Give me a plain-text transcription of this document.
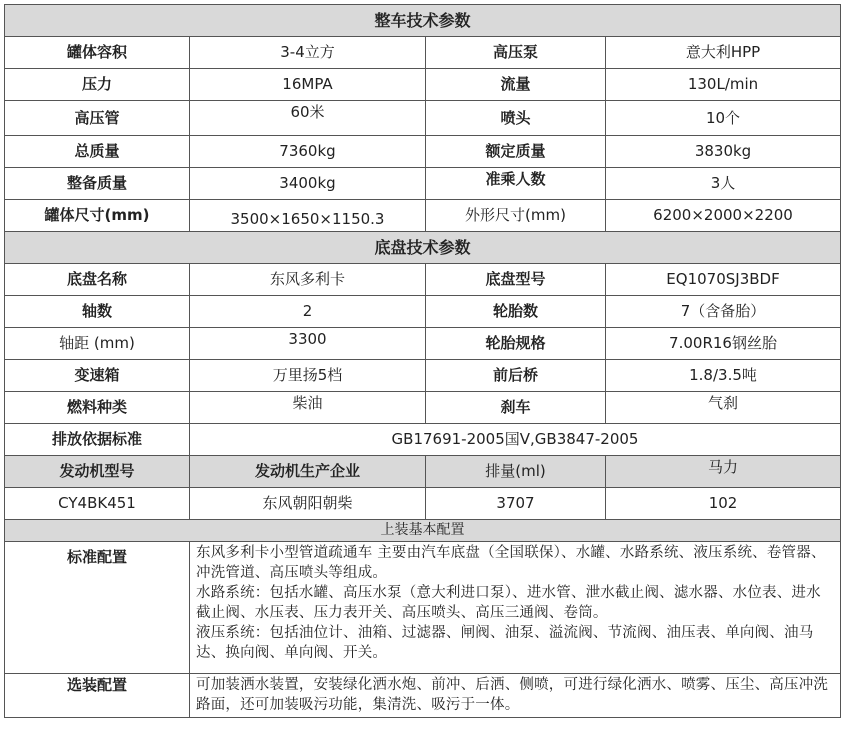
整车技术参数			
罐体容积	3-4立方	高压泵	意大利HPP
压力	16MPA	流量	130L/min
高压管	60米	喷头	10个
总质量	7360kg	额定质量	3830kg
整备质量	3400kg	准乘人数	3人
罐体尺寸(mm)	3500×1650×1150.3	外形尺寸(mm)	6200×2000×2200
底盘技术参数			
底盘名称	东风多利卡	底盘型号	EQ1070SJ3BDF
轴数	2	轮胎数	7（含备胎）
轴距 (mm)	3300	轮胎规格	7.00R16钢丝胎
变速箱	万里扬5档	前后桥	1.8/3.5吨
燃料种类	柴油	刹车	气刹
排放依据标准	GB17691-2005国Ⅴ,GB3847-2005		
发动机型号	发动机生产企业	排量(ml)	马力
CY4BK451	东风朝阳朝柴	3707	102
上装基本配置			
标准配置	东风多利卡小型管道疏通车 主要由汽车底盘（全国联保）、水罐、水路系统、液压系统、卷管器、冲洗管道、高压喷头等组成。

水路系统：包括水罐、高压水泵（意大利进口泵）、进水管、泄水截止阀、滤水器、水位表、进水截止阀、水压表、压力表开关、高压喷头、高压三通阀、卷筒。

液压系统：包括油位计、油箱、过滤器、闸阀、油泵、溢流阀、节流阀、油压表、单向阀、油马达、换向阀、单向阀、开关。		

选装配置	可加装洒水装置，安装绿化洒水炮、前冲、后洒、侧喷，可进行绿化洒水、喷雾、压尘、高压冲洗路面，还可加装吸污功能，集清洗、吸污于一体。		
